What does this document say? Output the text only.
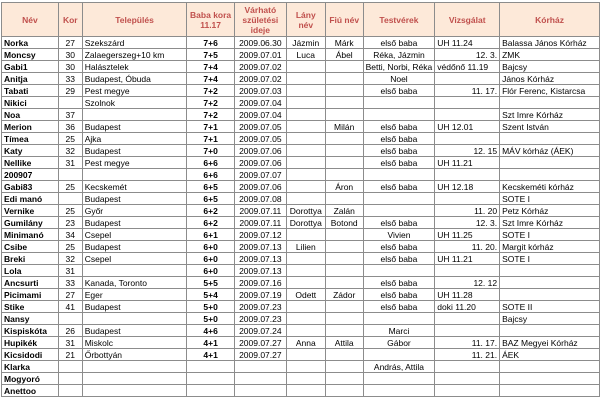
Név	Kor	Település	Baba kora 11.17	Várható születési ideje	Lány név	Fiú név	Testvérek	Vizsgálat	Kórház
Norka	27	Szekszárd	7+6	2009.06.30	Jázmin	Márk	első baba	UH 11.24	Balassa János Kórház
Moncsy	30	Zalaegerszeg+10 km	7+5	2009.07.01	Luca	Ábel	Réka, Jázmin	12. 3.	ZMK
Gabi1	30	Halásztelek	7+4	2009.07.02			Betti, Norbi, Réka	védőnő 11.19	Bajcsy
Anitja	33	Budapest, Óbuda	7+4	2009.07.02			Noel		János Kórház
Tabati	29	Pest megye	7+2	2009.07.03			első baba	11. 17.	Flór Ferenc, Kistarcsa
Nikici		Szolnok	7+2	2009.07.04					
Noa	37		7+2	2009.07.04					Szt Imre Kórház
Merion	36	Budapest	7+1	2009.07.05		Milán	első baba	UH 12.01	Szent István
Tímea	25	Ajka	7+1	2009.07.05			első baba		
Katy	32	Budapest	7+0	2009.07.06			első baba	12. 15	MÁV kórház (ÁEK)
Nellike	31	Pest megye	6+6	2009.07.06			első baba	UH 11.21	
200907			6+6	2009.07.07					
Gabi83	25	Kecskemét	6+5	2009.07.06		Áron	első baba	UH 12.18	Kecskeméti kórház
Edi manó		Budapest	6+5	2009.07.08					SOTE I
Vernike	25	Győr	6+2	2009.07.11	Dorottya	Zalán		11. 20	Petz Kórház
Gumilány	23	Budapest	6+2	2009.07.11	Dorottya	Botond	első baba	12. 3.	Szt Imre Kórház
Minimanó	34	Csepel	6+1	2009.07.12			Vivien	UH 11.25	SOTE I
Csibe	25	Budapest	6+0	2009.07.13	Lilien		első baba	11. 20.	Margit kórház
Breki	32	Csepel	6+0	2009.07.13			első baba	UH 11.21	SOTE I
Lola	31		6+0	2009.07.13					
Ancsurti	33	Kanada, Toronto	5+5	2009.07.16			első baba	12. 12	
Picimami	27	Eger	5+4	2009.07.19	Odett	Zádor	első baba	UH 11.28	
Stike	41	Budapest	5+0	2009.07.23			első baba	doki 11.20	SOTE II
Nansy			5+0	2009.07.23					Bajcsy
Kispiskóta	26	Budapest	4+6	2009.07.24			Marci		
Hupikék	31	Miskolc	4+1	2009.07.27	Anna	Attila	Gábor	11. 17.	BAZ Megyei Kórház
Kicsidodi	21	Őrbottyán	4+1	2009.07.27				11. 21.	ÁEK
Klarka							András, Attila		
Mogyoró									
Anettoo									
